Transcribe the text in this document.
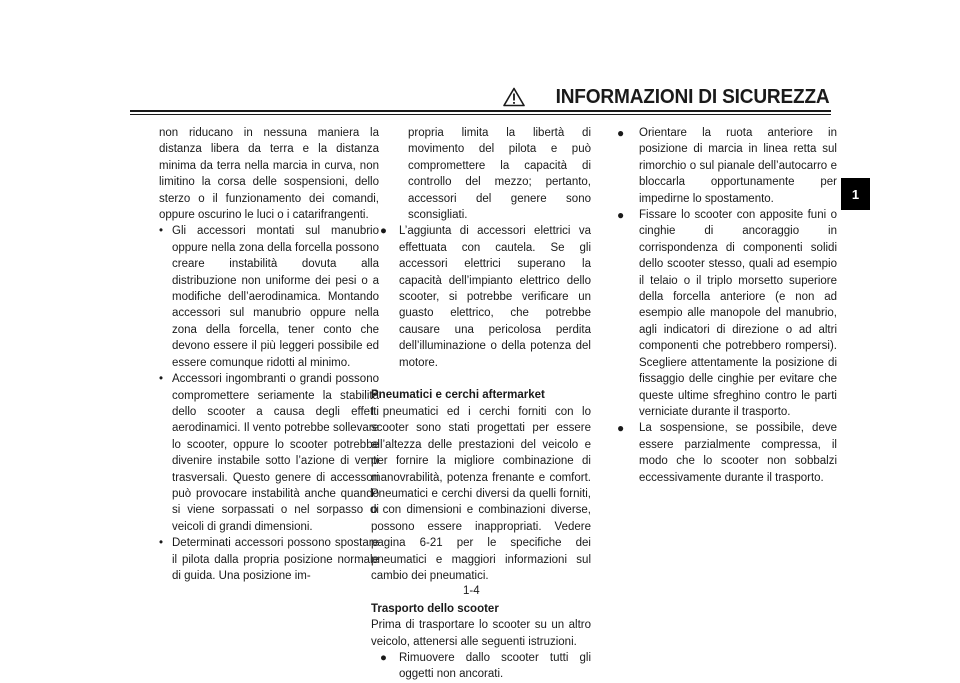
INFORMAZIONI DI SICUREZZA
1

non riducano in nessuna maniera la distanza libera da terra e la distanza minima da terra nella marcia in curva, non limitino la corsa delle sospensioni, dello sterzo o il funzionamento dei comandi, oppure oscurino le luci o i catarifrangenti.

• Gli accessori montati sul manubrio oppure nella zona della forcella possono creare instabilità dovuta alla distribuzione non uniforme dei pesi o a modifiche dell’aerodinamica. Montando accessori sul manubrio oppure nella zona della forcella, tener conto che devono essere il più leggeri possibile ed essere comunque ridotti al minimo.
• Accessori ingombranti o grandi possono compromettere seriamente la stabilità dello scooter a causa degli effetti aerodinamici. Il vento potrebbe sollevare lo scooter, oppure lo scooter potrebbe divenire instabile sotto l’azione di venti trasversali. Questo genere di accessori può provocare instabilità anche quando si viene sorpassati o nel sorpasso di veicoli di grandi dimensioni.
• Determinati accessori possono spostare il pilota dalla propria posizione normale di guida. Una posizione im-

propria limita la libertà di movimento del pilota e può compromettere la capacità di controllo del mezzo; pertanto, accessori del genere sono sconsigliati.

● L’aggiunta di accessori elettrici va effettuata con cautela. Se gli accessori elettrici superano la capacità dell’impianto elettrico dello scooter, si potrebbe verificare un guasto elettrico, che potrebbe causare una pericolosa perdita dell’illuminazione o della potenza del motore.

Pneumatici e cerchi aftermarket

I pneumatici ed i cerchi forniti con lo scooter sono stati progettati per essere all’altezza delle prestazioni del veicolo e per fornire la migliore combinazione di manovrabilità, potenza frenante e comfort. Pneumatici e cerchi diversi da quelli forniti, o con dimensioni e combinazioni diverse, possono essere inappropriati. Vedere pagina 6-21 per le specifiche dei pneumatici e maggiori informazioni sul cambio dei pneumatici.

Trasporto dello scooter

Prima di trasportare lo scooter su un altro veicolo, attenersi alle seguenti istruzioni.

● Rimuovere dallo scooter tutti gli oggetti non ancorati.
● Orientare la ruota anteriore in posizione di marcia in linea retta sul rimorchio o sul pianale dell’autocarro e bloccarla opportunamente per impedirne lo spostamento.
● Fissare lo scooter con apposite funi o cinghie di ancoraggio in corrispondenza di componenti solidi dello scooter stesso, quali ad esempio il telaio o il triplo morsetto superiore della forcella anteriore (e non ad esempio alle manopole del manubrio, agli indicatori di direzione o ad altri componenti che potrebbero rompersi). Scegliere attentamente la posizione di fissaggio delle cinghie per evitare che queste ultime sfreghino contro le parti verniciate durante il trasporto.
● La sospensione, se possibile, deve essere parzialmente compressa, il modo che lo scooter non sobbalzi eccessivamente durante il trasporto.
1-4
